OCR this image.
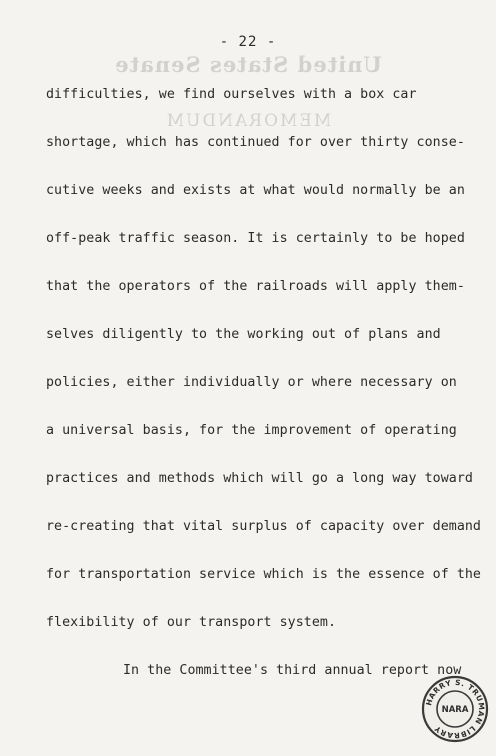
United States Senate
MEMORANDUM
- 22 -
difficulties, we find ourselves with a box car
shortage, which has continued for over thirty conse-
cutive weeks and exists at what would normally be an
off-peak traffic season. It is certainly to be hoped
that the operators of the railroads will apply them-
selves diligently to the working out of plans and
policies, either individually or where necessary on
a universal basis, for the improvement of operating
practices and methods which will go a long way toward
re-creating that vital surplus of capacity over demand
for transportation service which is the essence of the
flexibility of our transport system.
In the Committee's third annual report now
HARRY S. TRUMAN LIBRARY
NARA
